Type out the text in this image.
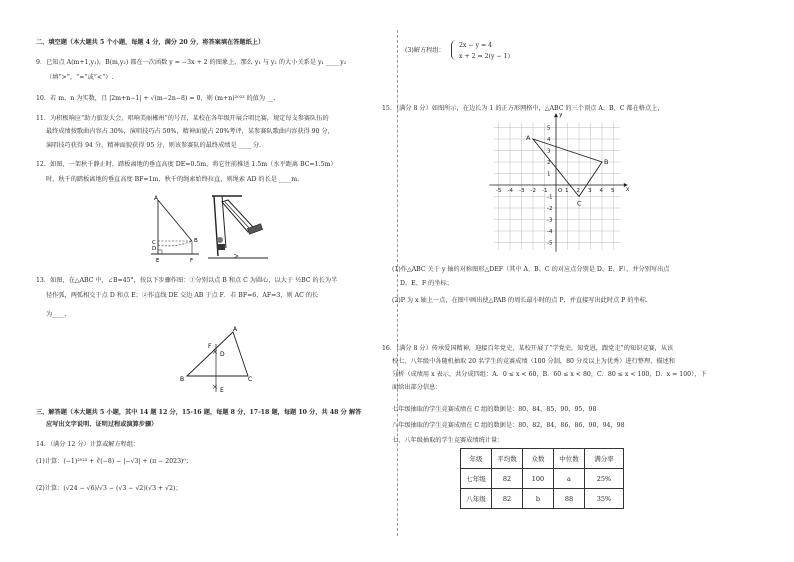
二、填空题（本大题共 5 个小题，每题 4 分，满分 20 分，将答案填在答题纸上）
9．已知点 A(m+1,y₁)，B(m,y₂) 都在一次函数 y = −3x + 2 的图象上，那么 y₁ 与 y₂ 的大小关系是 y₁ ____ y₂
（填“>”，“=”或“<”）.
10．若 m，n 为实数，且 |2m+n−1| + √(m−2n−8) = 0，则 (m+n)²⁰²³ 的值为 __.
11．为积极响应“助力旅发大会，唱响美丽郴州”的号召，某校在各年级开展合唱比赛，规定每支参赛队伍的
最终成绩按歌曲内容占 30%，演唱技巧占 50%，精神面貌占 20%考评，某参赛队歌曲内容获得 90 分，
演唱技巧获得 94 分，精神面貌获得 95 分，则该参赛队的最终成绩是 ____ 分.
12．如图，一架秋千静止时，踏板离地的垂直高度 DE=0.5m，将它往前推送 1.5m（水平距离 BC=1.5m）
时，秋千的踏板离地的垂直高度 BF=1m，秋千的绳索始终拉直，则绳索 AD 的长是 ____m.
A
C
D
B
E	F
13．如图，在△ABC 中，∠B=45°，按以下步骤作图：①分别以点 B 和点 C 为圆心，以大于 ½BC 的长为半
径作弧，两弧相交于点 D 和点 E；②作直线 DE 交边 AB 于点 F．若 BF=6，AF=3，则 AC 的长
为____.
×
×
A
B	C
D
E
F
三、解答题（本大题共 5 小题，其中 14 题 12 分，15-16 题，每题 8 分，17-18 题，每题 10 分，共 48 分 解答
应写出文字说明、证明过程或演算步骤）
14．（满分 12 分）计算或解方程组：
(1)计算：(−1)²⁰²³ + ∛(−8) − |−√3| + (π − 2023)⁰；
(2)计算：(√24 − √6)/√3 − (√3 − √2)(√3 + √2)；
(3)解方程组：
2x − y = 4
x + 2 = 2(y − 1)
15．（满分 8 分）如图所示，在边长为 1 的正方形网格中，△ABC 的三个顶点 A、B、C 都在格点上，
-5 -4 -3 -2 -1	1 2 3 4 5
5
4
3
2
1
-1
-2
-3
-4
-5
x
y
O
A
B
C
(1)作△ABC 关于 y 轴的对称图形△DEF（其中 A、B、C 的对应点分别是 D、E、F），并分别写出点
D、E、F 的坐标；
(2)P 为 x 轴上一点，在图中画出使△PAB 的周长最小时的点 P，并直接写出此时点 P 的坐标.
16．（满分 8 分）传承爱国精神，迎接百年党史，某校开展了“学党史，知党恩，跟党走”的知识竞赛，从该
校七、八年级中各随机抽取 20 名学生的竞赛成绩（100 分制，80 分及以上为优秀）进行整理、描述和
分析（成绩用 x 表示，共分成四组：A．0 ≤ x < 60，B．60 ≤ x < 80，C．80 ≤ x < 100，D．x = 100），下
面给出部分信息：
七年级抽取的学生竞赛成绩在 C 组的数据是：80，84，85，90，95，98
八年级抽取的学生竞赛成绩在 C 组的数据是：80，82，84，86，86，90，94，98
七、八年级抽取的学生竞赛成绩统计量：
年级	平均数	众数	中位数	满分率
七年级	82	100	a	25%
八年级	82	b	88	35%
